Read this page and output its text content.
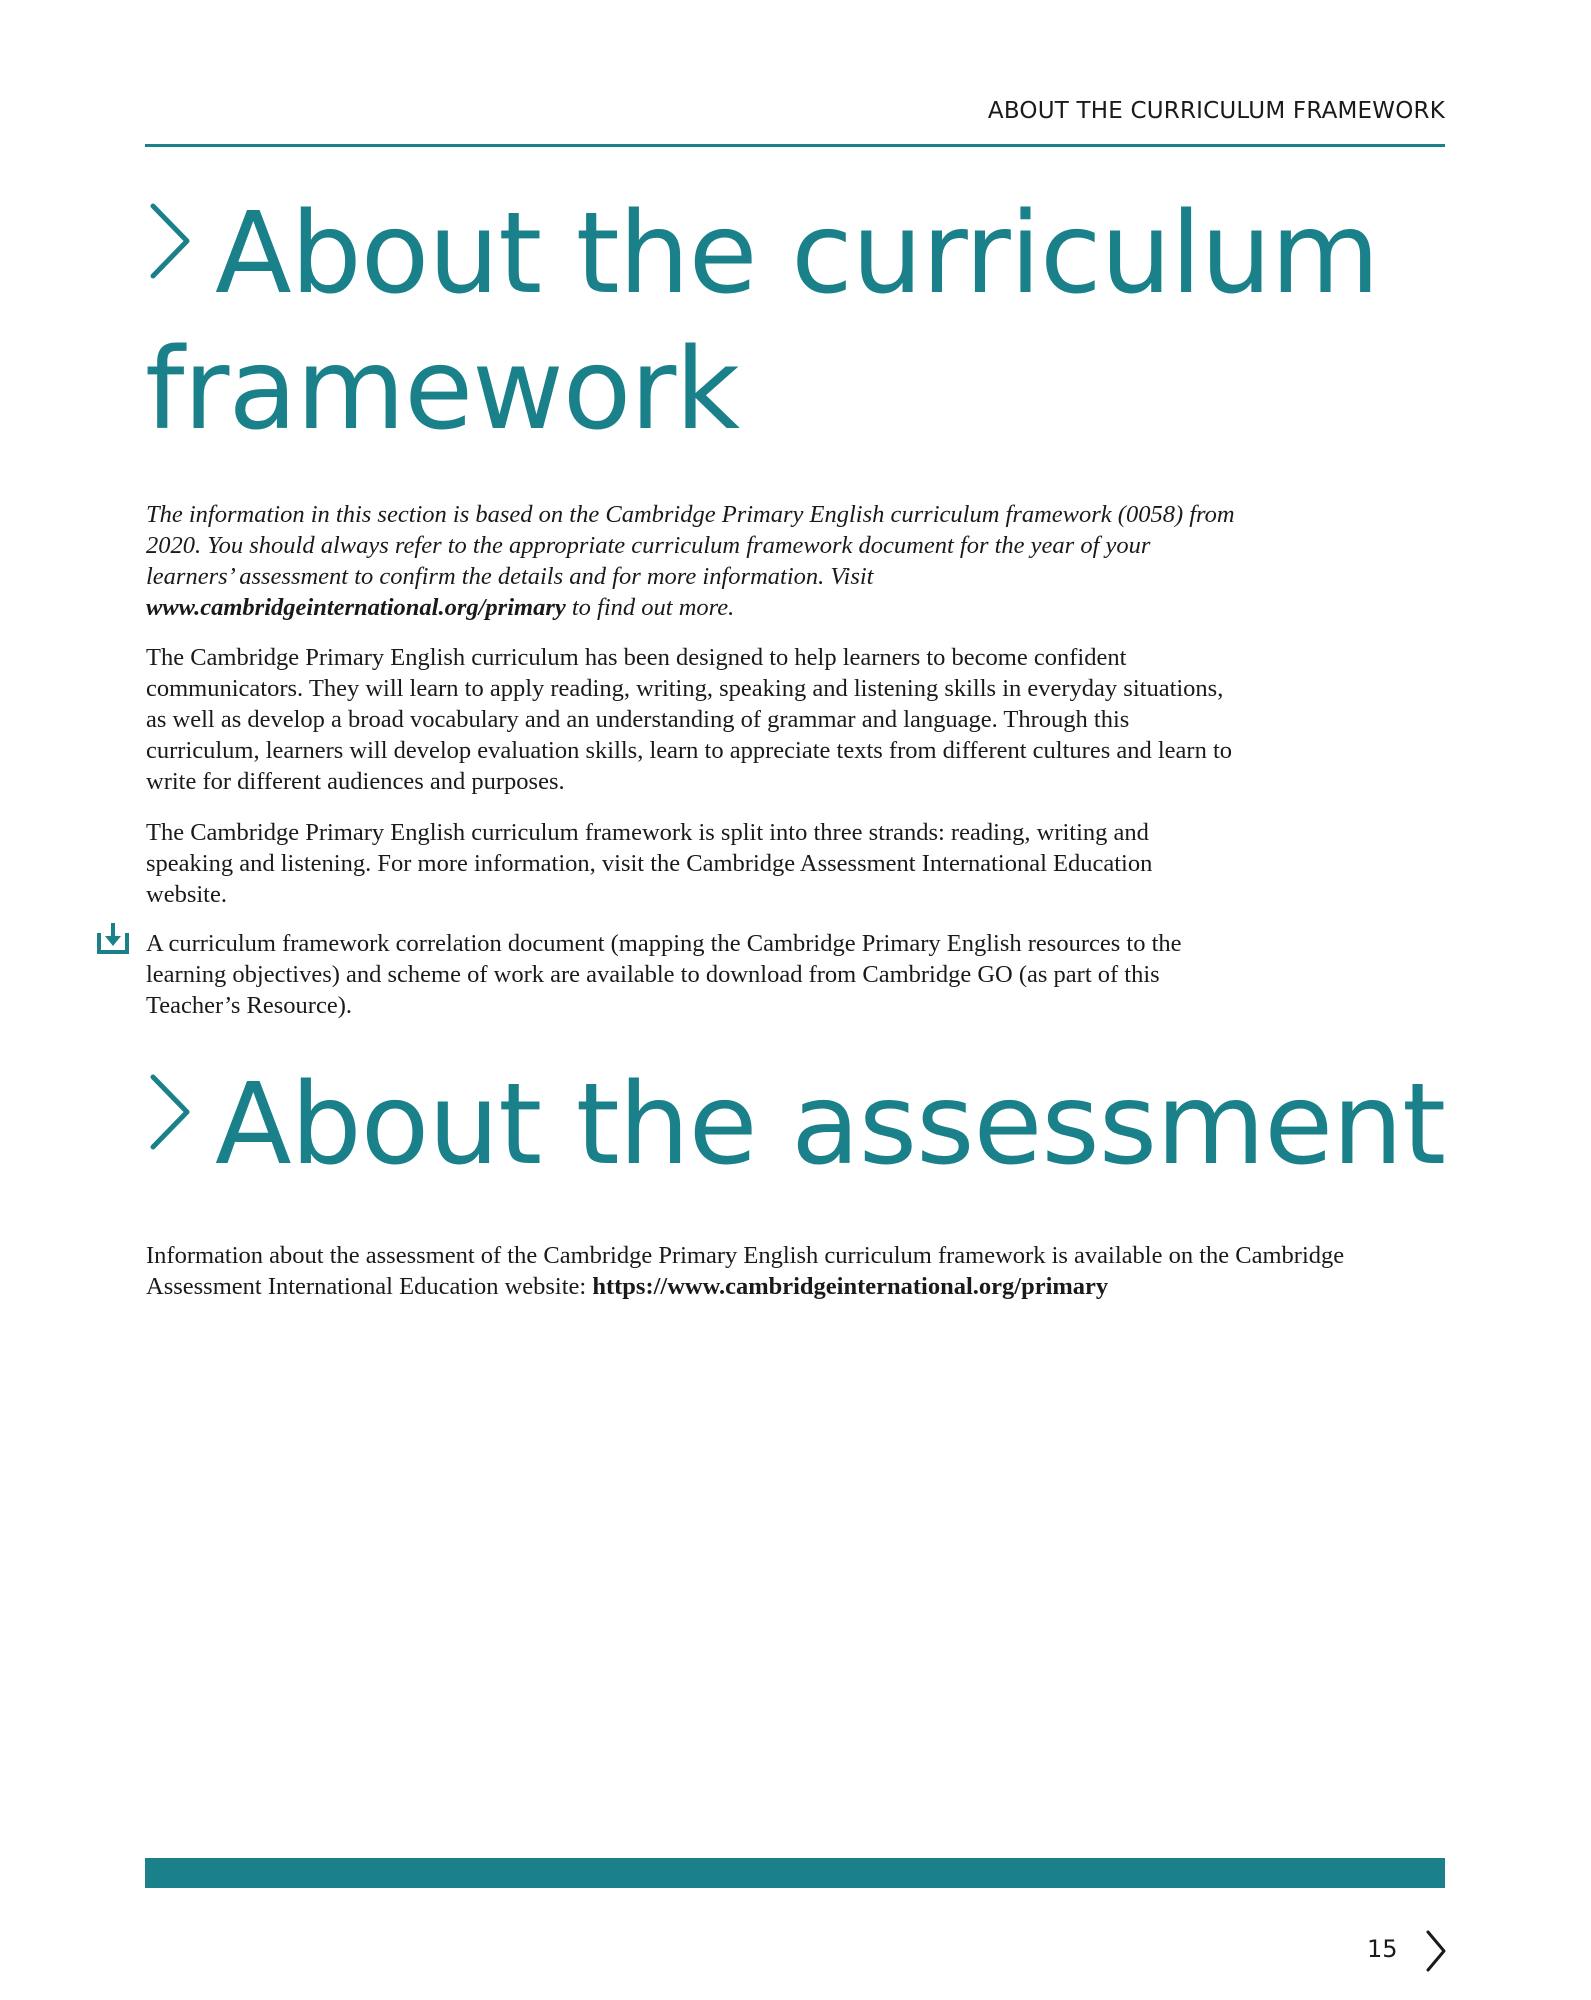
ABOUT THE CURRICULUM FRAMEWORK
About the curriculum framework

The information in this section is based on the Cambridge Primary English curriculum framework (0058) from 2020. You should always refer to the appropriate curriculum framework document for the year of your learners’ assessment to confirm the details and for more information. Visit www.cambridgeinternational.org/primary to find out more.

The Cambridge Primary English curriculum has been designed to help learners to become confident communicators. They will learn to apply reading, writing, speaking and listening skills in everyday situations, as well as develop a broad vocabulary and an understanding of grammar and language. Through this curriculum, learners will develop evaluation skills, learn to appreciate texts from different cultures and learn to write for different audiences and purposes.

The Cambridge Primary English curriculum framework is split into three strands: reading, writing and speaking and listening. For more information, visit the Cambridge Assessment International Education website.

A curriculum framework correlation document (mapping the Cambridge Primary English resources to the learning objectives) and scheme of work are available to download from Cambridge GO (as part of this Teacher’s Resource).

About the assessment

Information about the assessment of the Cambridge Primary English curriculum framework is available on the Cambridge Assessment International Education website: https://www.cambridgeinternational.org/primary

15
